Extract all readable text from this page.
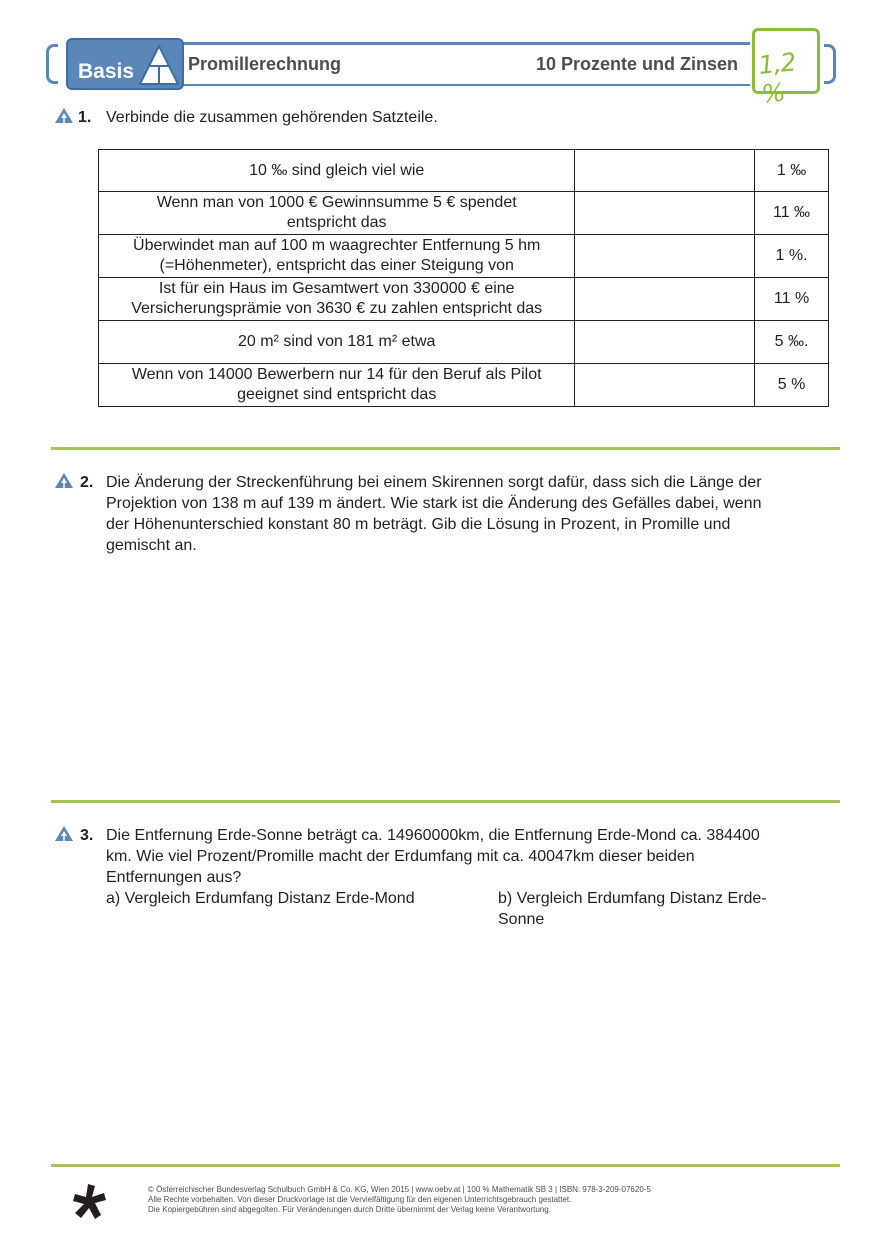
Basis	Promillerechnung	10 Prozente und Zinsen 1,2 %
1. Verbinde die zusammen gehörenden Satzteile.
10 ‰ sind gleich viel wie		1 ‰

Wenn man von 1000 € Gewinnsumme 5 € spendet
entspricht das		11 ‰

Überwindet man auf 100 m waagrechter Entfernung 5 hm
(=Höhenmeter), entspricht das einer Steigung von		1 %.

Ist für ein Haus im Gesamtwert von 330000 € eine
Versicherungsprämie von 3630 € zu zahlen entspricht das		11 %

20 m² sind von 181 m² etwa		5 ‰.

Wenn von 14000 Bewerbern nur 14 für den Beruf als Pilot
geeignet sind entspricht das		5 %
2. Die Änderung der Streckenführung bei einem Skirennen sorgt dafür, dass sich die Länge der
Projektion von 138 m auf 139 m ändert. Wie stark ist die Änderung des Gefälles dabei, wenn
der Höhenunterschied konstant 80 m beträgt. Gib die Lösung in Prozent, in Promille und
gemischt an.
3. Die Entfernung Erde-Sonne beträgt ca. 14960000km, die Entfernung Erde-Mond ca. 384400
km. Wie viel Prozent/Promille macht der Erdumfang mit ca. 40047km dieser beiden
Entfernungen aus?
a) Vergleich Erdumfang Distanz Erde-Mond	b) Vergleich Erdumfang Distanz Erde-
Sonne
© Österreichischer Bundesverlag Schulbuch GmbH & Co. KG, Wien 2015 | www.oebv.at | 100 % Mathematik SB 3 | ISBN: 978-3-209-07620-5
Alle Rechte vorbehalten. Von dieser Druckvorlage ist die Vervielfältigung für den eigenen Unterrichtsgebrauch gestattet.
Die Kopiergebühren sind abgegolten. Für Veränderungen durch Dritte übernimmt der Verlag keine Verantwortung.
